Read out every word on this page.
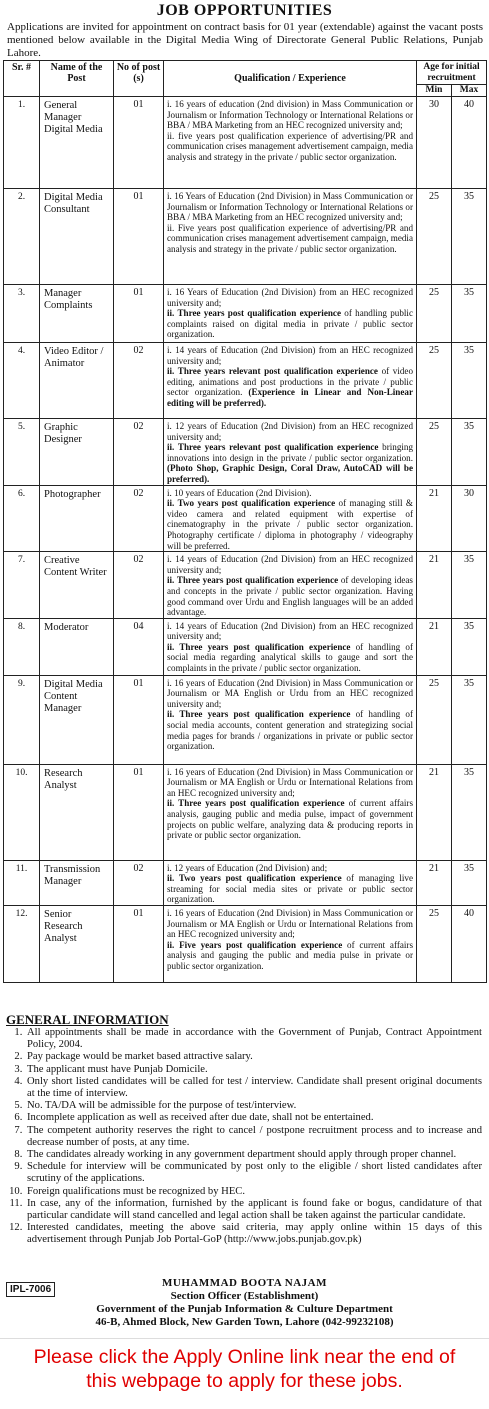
JOB OPPORTUNITIES
Applications are invited for appointment on contract basis for 01 year (extendable) against the vacant posts mentioned below available in the Digital Media Wing of Directorate General Public Relations, Punjab Lahore.
Sr. #	Name of the Post	No of post (s)	Qualification / Experience	Age for initial recruitment	
				Min	Max
1.	General Manager Digital Media	01	i. 16 years of education (2nd division) in Mass Communication or Journalism or Information Technology or International Relations or BBA / MBA Marketing from an HEC recognized university and;
ii. five years post qualification experience of advertising/PR and communication crises management advertisement campaign, media analysis and strategy in the private / public sector organization.	30	40
2.	Digital Media Consultant	01	i. 16 Years of Education (2nd Division) in Mass Communication or Journalism or Information Technology or International Relations or BBA / MBA Marketing from an HEC recognized university and;
ii. Five years post qualification experience of advertising/PR and communication crises management advertisement campaign, media analysis and strategy in the private / public sector organization.	25	35
3.	Manager Complaints	01	i. 16 Years of Education (2nd Division) from an HEC recognized university and;
ii. Three years post qualification experience of handling public complaints raised on digital media in private / public sector organization.	25	35
4.	Video Editor / Animator	02	i. 14 years of Education (2nd Division) from an HEC recognized university and;
ii. Three years relevant post qualification experience of video editing, animations and post productions in the private / public sector organization. (Experience in Linear and Non-Linear editing will be preferred).	25	35
5.	Graphic Designer	02	i. 12 years of Education (2nd Division) from an HEC recognized university and;
ii. Three years relevant post qualification experience bringing innovations into design in the private / public sector organization. (Photo Shop, Graphic Design, Coral Draw, AutoCAD will be preferred).	25	35
6.	Photographer	02	i. 10 years of Education (2nd Division).
ii. Two years post qualification experience of managing still & video camera and related equipment with expertise of cinematography in the private / public sector organization. Photography certificate / diploma in photography / videography will be preferred.	21	30
7.	Creative Content Writer	02	i. 14 years of Education (2nd Division) from an HEC recognized university and;
ii. Three years post qualification experience of developing ideas and concepts in the private / public sector organization. Having good command over Urdu and English languages will be an added advantage.	21	35
8.	Moderator	04	i. 14 years of Education (2nd Division) from an HEC recognized university and;
ii. Three years post qualification experience of handling of social media regarding analytical skills to gauge and sort the complaints in the private / public sector organization.	21	35
9.	Digital Media Content Manager	01	i. 16 years of Education (2nd Division) in Mass Communication or Journalism or MA English or Urdu from an HEC recognized university and;
ii. Three years post qualification experience of handling of social media accounts, content generation and strategizing social media pages for brands / organizations in private or public sector organization.	25	35
10.	Research Analyst	01	i. 16 years of Education (2nd Division) in Mass Communication or Journalism or MA English or Urdu or International Relations from an HEC recognized university and;
ii. Three years post qualification experience of current affairs analysis, gauging public and media pulse, impact of government projects on public welfare, analyzing data & producing reports in private or public sector organization.	21	35
11.	Transmission Manager	02	i. 12 years of Education (2nd Division) and;
ii. Two years post qualification experience of managing live streaming for social media sites or private or public sector organization.	21	35
12.	Senior Research Analyst	01	i. 16 years of Education (2nd Division) in Mass Communication or Journalism or MA English or Urdu or International Relations from an HEC recognized university and;
ii. Five years post qualification experience of current affairs analysis and gauging the public and media pulse in private or public sector organization.	25	40
GENERAL INFORMATION
1. All appointments shall be made in accordance with the Government of Punjab, Contract Appointment Policy, 2004.
2. Pay package would be market based attractive salary.
3. The applicant must have Punjab Domicile.
4. Only short listed candidates will be called for test / interview. Candidate shall present original documents at the time of interview.
5. No. TA/DA will be admissible for the purpose of test/interview.
6. Incomplete application as well as received after due date, shall not be entertained.
7. The competent authority reserves the right to cancel / postpone recruitment process and to increase and decrease number of posts, at any time.
8. The candidates already working in any government department should apply through proper channel.
9. Schedule for interview will be communicated by post only to the eligible / short listed candidates after scrutiny of the applications.
10. Foreign qualifications must be recognized by HEC.
11. In case, any of the information, furnished by the applicant is found fake or bogus, candidature of that particular candidate will stand cancelled and legal action shall be taken against the particular candidate.
12. Interested candidates, meeting the above said criteria, may apply online within 15 days of this advertisement through Punjab Job Portal-GoP (http://www.jobs.punjab.gov.pk)
IPL-7006
MUHAMMAD BOOTA NAJAM
Section Officer (Establishment)
Government of the Punjab Information & Culture Department
46-B, Ahmed Block, New Garden Town, Lahore (042-99232108)
Please click the Apply Online link near the end of
this webpage to apply for these jobs.
